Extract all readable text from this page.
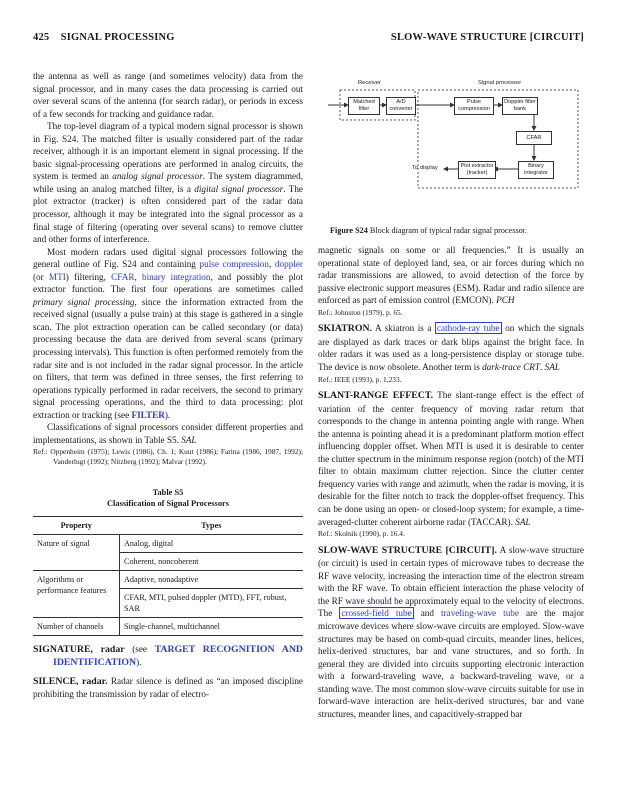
425 SIGNAL PROCESSING	SLOW-WAVE STRUCTURE [CIRCUIT]

the antenna as well as range (and sometimes velocity) data from the signal processor, and in many cases the data processing is carried out over several scans of the antenna (for search radar), or periods in excess of a few seconds for tracking and guidance radar.

The top-level diagram of a typical modern signal processor is shown in Fig. S24. The matched filter is usually considered part of the radar receiver, although it is an important element in signal processing. If the basic signal-processing operations are performed in analog circuits, the system is termed an analog signal processor. The system diagrammed, while using an analog matched filter, is a digital signal processor. The plot extractor (tracker) is often considered part of the radar data processor, although it may be integrated into the signal processor as a final stage of filtering (operating over several scans) to remove clutter and other forms of interference.

Most modern radars used digital signal processors following the general outline of Fig. S24 and containing pulse compression, doppler (or MTI) filtering, CFAR, binary integration, and possibly the plot extractor function. The first four operations are sometimes called primary signal processing, since the information extracted from the received signal (usually a pulse train) at this stage is gathered in a single scan. The plot extraction operation can be called secondary (or data) processing because the data are derived from several scans (primary processing intervals). This function is often performed remotely from the radar site and is not included in the radar signal processor. In the article on filters, that term was defined in three senses, the first referring to operations typically performed in radar receivers, the second to primary signal processing operations, and the third to data processing: plot extraction or tracking (see FILTER).

Classifications of signal processors consider different properties and implementations, as shown in Table S5. SAL

Ref.: Oppenheim (1975); Lewis (1986), Ch. 1; Kuut (1986); Farina (1986, 1987, 1992); Vanderlugt (1992); Nitzberg (1992); Malvar (1992).

Table S5
Classification of Signal Processors
Property	Types
Nature of signal	Analog, digital
	Coherent, noncoherent
Algorithms or performance features	Adaptive, nonadaptive
	CFAR, MTI, pulsed doppler (MTD), FFT, robust, SAR
Number of channels	Single-channel, multichannel

SIGNATURE, radar (see TARGET RECOGNITION AND IDENTIFICATION).

SILENCE, radar. Radar silence is defined as “an imposed discipline prohibiting the transmission by radar of electro-

Receiver	Signal processor
Matched filter
A/D converter
Pulse compression
Doppler filter bank
CFAR
Binary integrator
Plot extractor (tracker)
To display
Figure S24 Block diagram of typical radar signal processor.

magnetic signals on some or all frequencies.” It is usually an operational state of deployed land, sea, or air forces during which no radar transmissions are allowed, to avoid detection of the force by passive electronic support measures (ESM). Radar and radio silence are enforced as part of emission control (EMCON). PCH

Ref.: Johnston (1979), p. 65.

SKIATRON. A skiatron is a cathode-ray tube on which the signals are displayed as dark traces or dark blips against the bright face. In older radars it was used as a long-persistence display or storage tube. The device is now obsolete. Another term is dark-trace CRT. SAL

Ref.: IEEE (1993), p. 1,233.

SLANT-RANGE EFFECT. The slant-range effect is the effect of variation of the center frequency of moving radar return that corresponds to the change in antenna pointing angle with range. When the antenna is pointing ahead it is a predominant platform motion effect influencing doppler offset. When MTI is used it is desirable to center the clutter spectrum in the minimum response region (notch) of the MTI filter to obtain maximum clutter rejection. Since the clutter center frequency varies with range and azimuth, when the radar is moving, it is desirable for the filter notch to track the doppler-offset frequency. This can be done using an open- or closed-loop system; for example, a time-averaged-clutter coherent airborne radar (TACCAR). SAL

Ref.: Skolnik (1990), p. 16.4.

SLOW-WAVE STRUCTURE [CIRCUIT]. A slow-wave structure (or circuit) is used in certain types of microwave tubes to decrease the RF wave velocity, increasing the interaction time of the electron stream with the RF wave. To obtain efficient interaction the phase velocity of the RF wave should be approximately equal to the velocity of electrons. The crossed-field tube and traveling-wave tube are the major microwave devices where slow-wave circuits are employed. Slow-wave structures may be based on comb-quad circuits, meander lines, helices, helix-derived structures, bar and vane structures, and so forth. In general they are divided into circuits supporting electronic interaction with a forward-traveling wave, a backward-traveling wave, or a standing wave. The most common slow-wave circuits suitable for use in forward-wave interaction are helix-derived structures, bar and vane structures, meander lines, and capacitively-strapped bar
